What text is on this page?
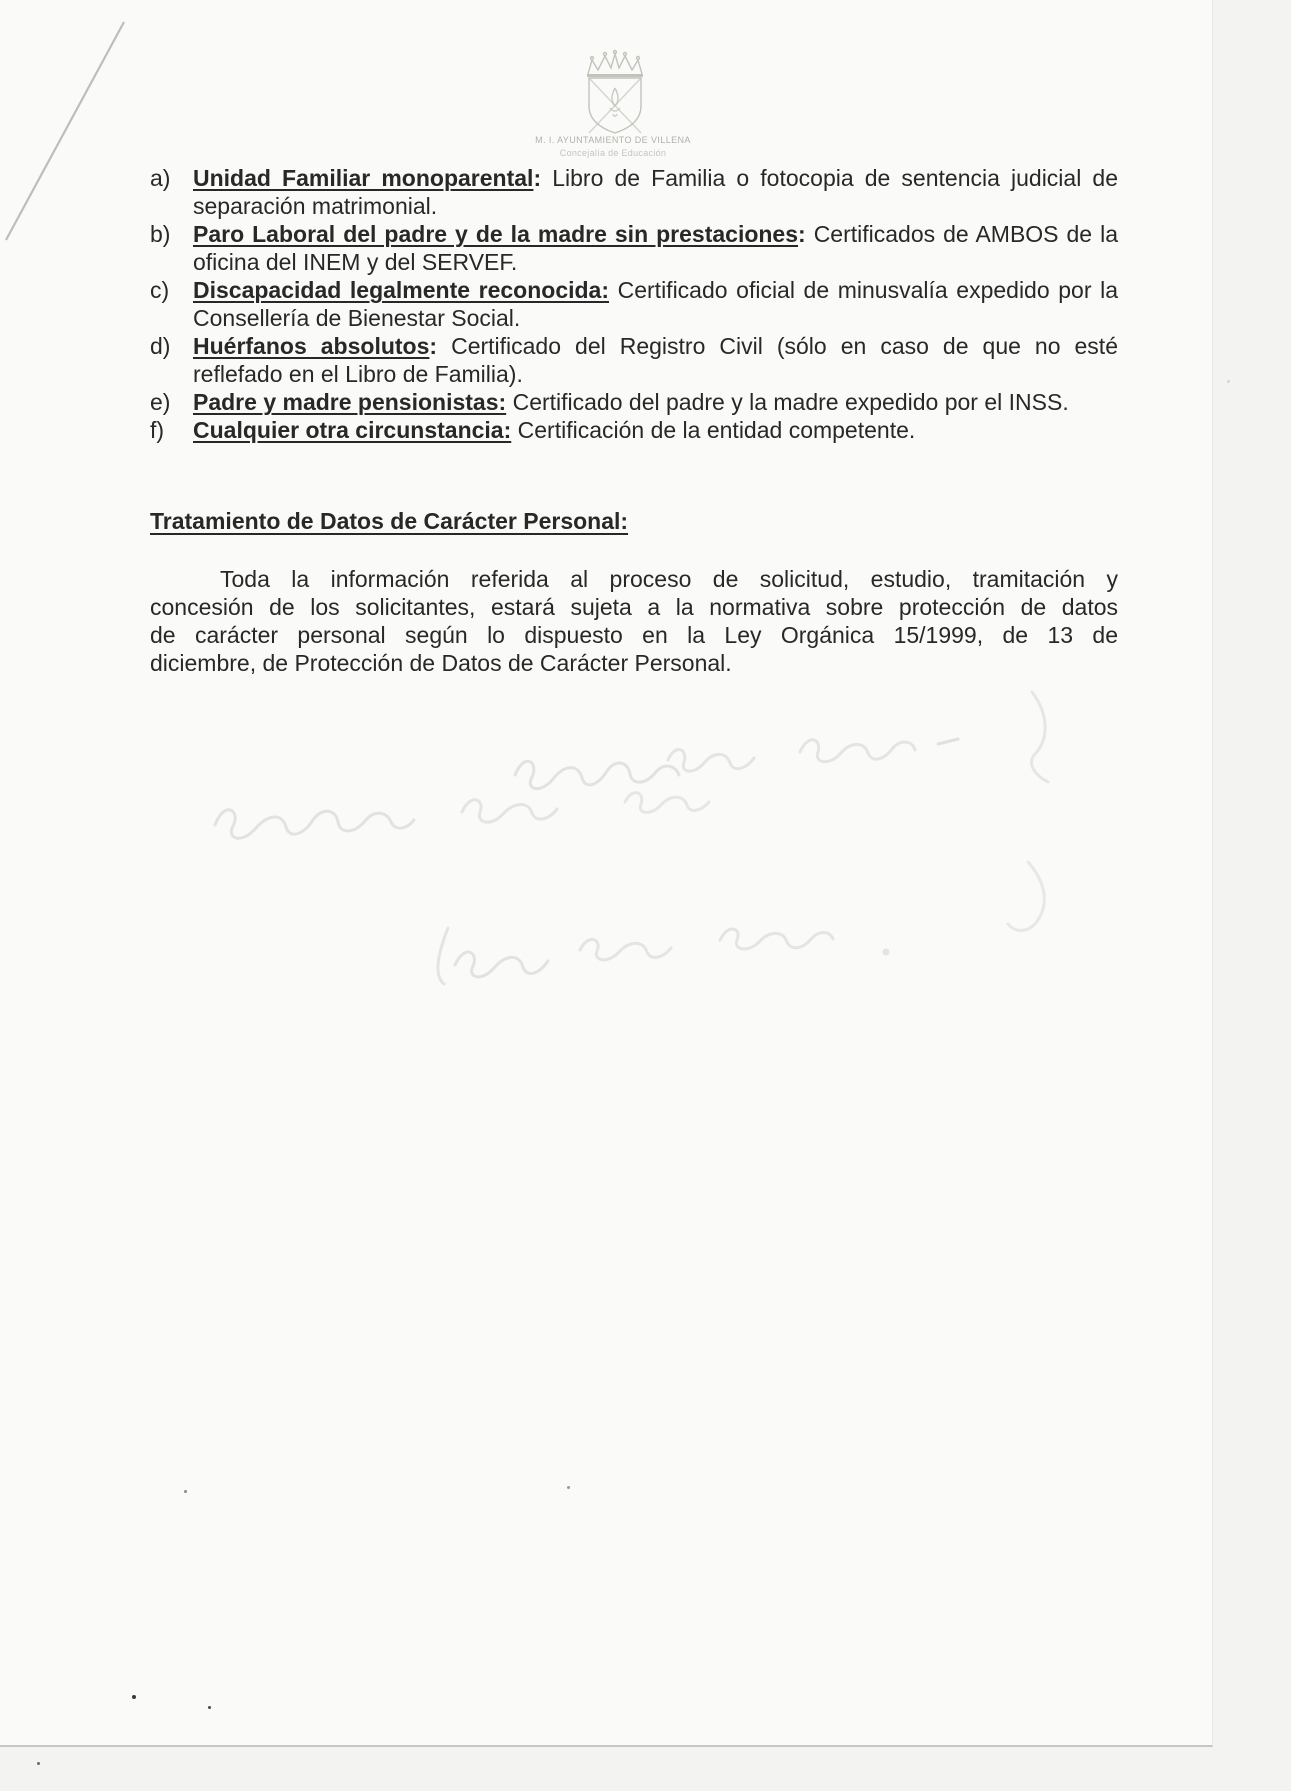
M. I. AYUNTAMIENTO DE VILLENA
Concejalía de Educación
a) Unidad Familiar monoparental: Libro de Familia o fotocopia de sentencia judicial de separación matrimonial.
b) Paro Laboral del padre y de la madre sin prestaciones: Certificados de AMBOS de la oficina del INEM y del SERVEF.
c)	Discapacidad legalmente reconocida: Certificado oficial de minusvalía expedido por la Consellería de Bienestar Social.
d) Huérfanos absolutos: Certificado del Registro Civil (sólo en caso de que no esté reflefado en el Libro de Familia).
e) Padre y madre pensionistas: Certificado del padre y la madre expedido por el INSS.
f)	Cualquier otra circunstancia: Certificación de la entidad competente.
Tratamiento de Datos de Carácter Personal:
Toda la información referida al proceso de solicitud, estudio, tramitación y
concesión de los solicitantes, estará sujeta a la normativa sobre protección de datos
de carácter personal según lo dispuesto en la Ley Orgánica 15/1999, de 13 de
diciembre, de Protección de Datos de Carácter Personal.
